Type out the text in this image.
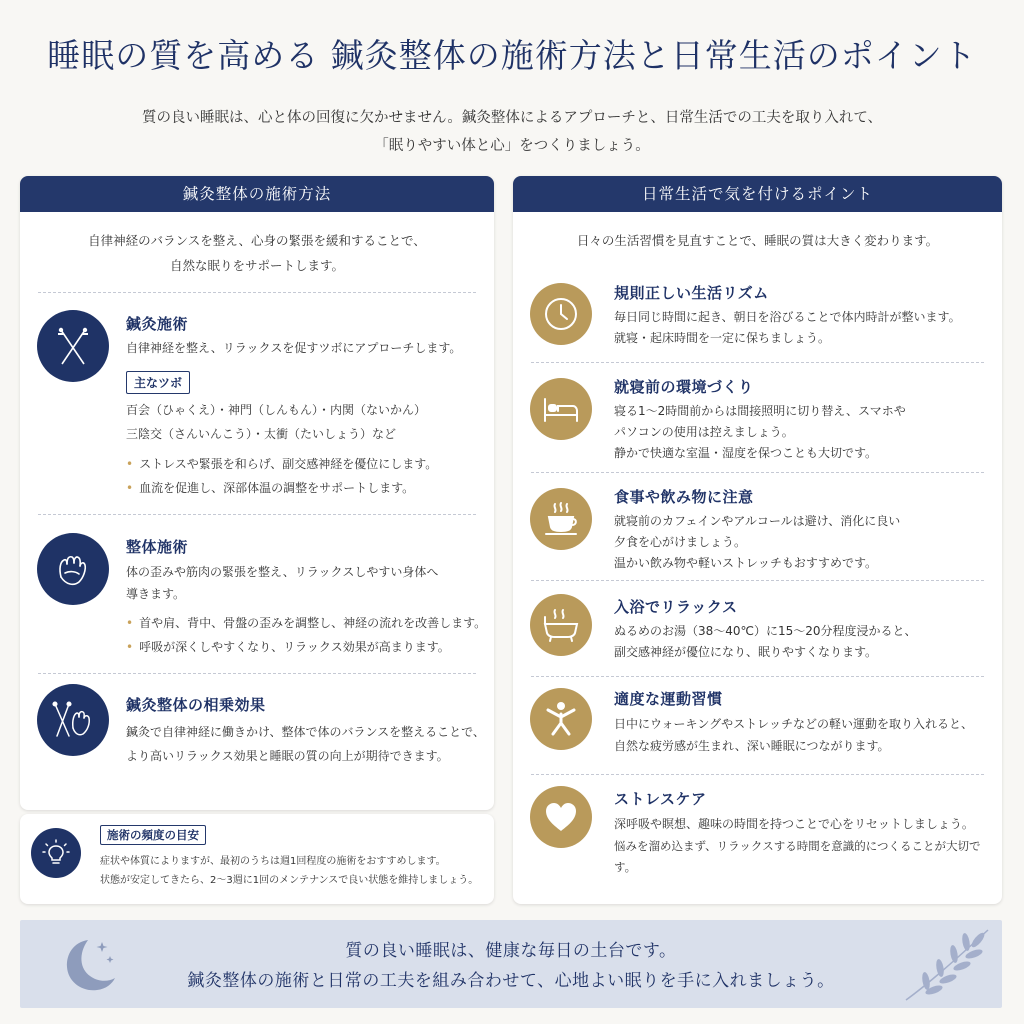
睡眠の質を高める 鍼灸整体の施術方法と日常生活のポイント
質の良い睡眠は、心と体の回復に欠かせません。鍼灸整体によるアプローチと、日常生活での工夫を取り入れて、
「眠りやすい体と心」をつくりましょう。
鍼灸整体の施術方法
自律神経のバランスを整え、心身の緊張を緩和することで、
自然な眠りをサポートします。
鍼灸施術
自律神経を整え、リラックスを促すツボにアプローチします。
主なツボ
百会（ひゃくえ）・神門（しんもん）・内関（ないかん）
三陰交（さんいんこう）・太衝（たいしょう）など
• ストレスや緊張を和らげ、副交感神経を優位にします。
• 血流を促進し、深部体温の調整をサポートします。
整体施術
体の歪みや筋肉の緊張を整え、リラックスしやすい身体へ
導きます。
• 首や肩、背中、骨盤の歪みを調整し、神経の流れを改善します。
• 呼吸が深くしやすくなり、リラックス効果が高まります。
鍼灸整体の相乗効果
鍼灸で自律神経に働きかけ、整体で体のバランスを整えることで、
より高いリラックス効果と睡眠の質の向上が期待できます。
施術の頻度の目安
症状や体質によりますが、最初のうちは週1回程度の施術をおすすめします。
状態が安定してきたら、2〜3週に1回のメンテナンスで良い状態を維持しましょう。
日常生活で気を付けるポイント
日々の生活習慣を見直すことで、睡眠の質は大きく変わります。
規則正しい生活リズム
毎日同じ時間に起き、朝日を浴びることで体内時計が整います。
就寝・起床時間を一定に保ちましょう。
就寝前の環境づくり
寝る1〜2時間前からは間接照明に切り替え、スマホや
パソコンの使用は控えましょう。
静かで快適な室温・湿度を保つことも大切です。
食事や飲み物に注意
就寝前のカフェインやアルコールは避け、消化に良い
夕食を心がけましょう。
温かい飲み物や軽いストレッチもおすすめです。
入浴でリラックス
ぬるめのお湯（38〜40℃）に15〜20分程度浸かると、
副交感神経が優位になり、眠りやすくなります。
適度な運動習慣
日中にウォーキングやストレッチなどの軽い運動を取り入れると、
自然な疲労感が生まれ、深い睡眠につながります。
ストレスケア
深呼吸や瞑想、趣味の時間を持つことで心をリセットしましょう。
悩みを溜め込まず、リラックスする時間を意識的につくることが大切です。
質の良い睡眠は、健康な毎日の土台です。
鍼灸整体の施術と日常の工夫を組み合わせて、心地よい眠りを手に入れましょう。
